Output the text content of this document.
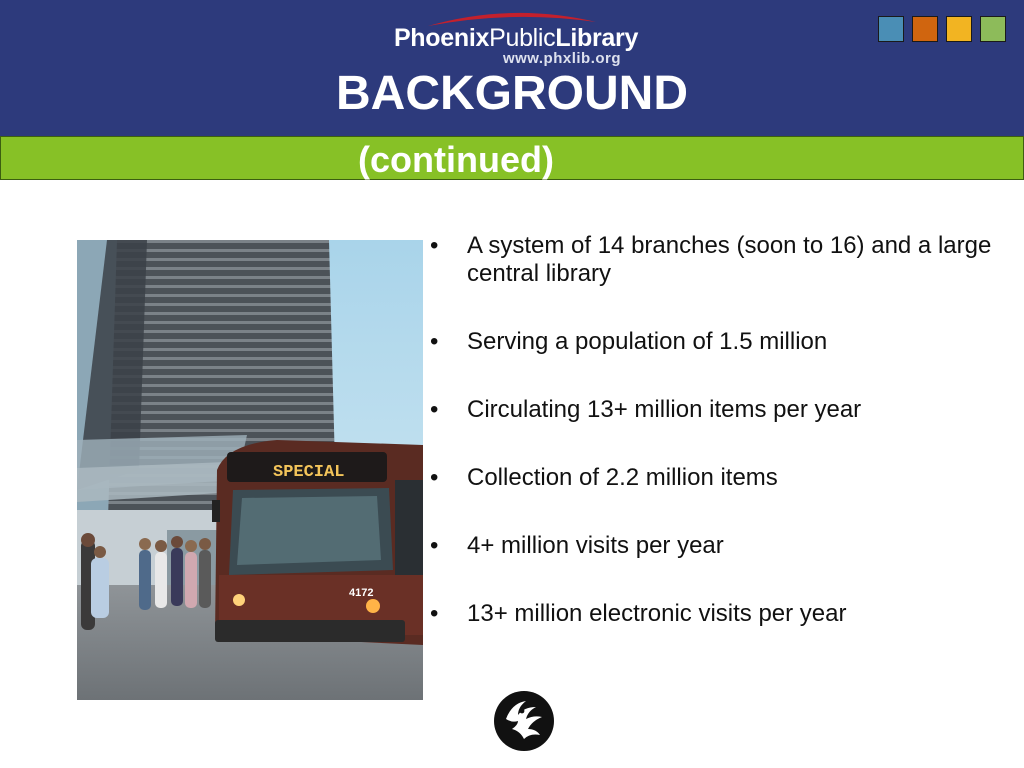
PhoenixPublicLibrary
www.phxlib.org
BACKGROUND
(continued)
SPECIAL
4172
• A system of 14 branches (soon to 16) and a large central library
• Serving a population of 1.5 million
• Circulating 13+ million items per year
• Collection of 2.2 million items
• 4+ million visits per year
• 13+ million electronic visits per year
